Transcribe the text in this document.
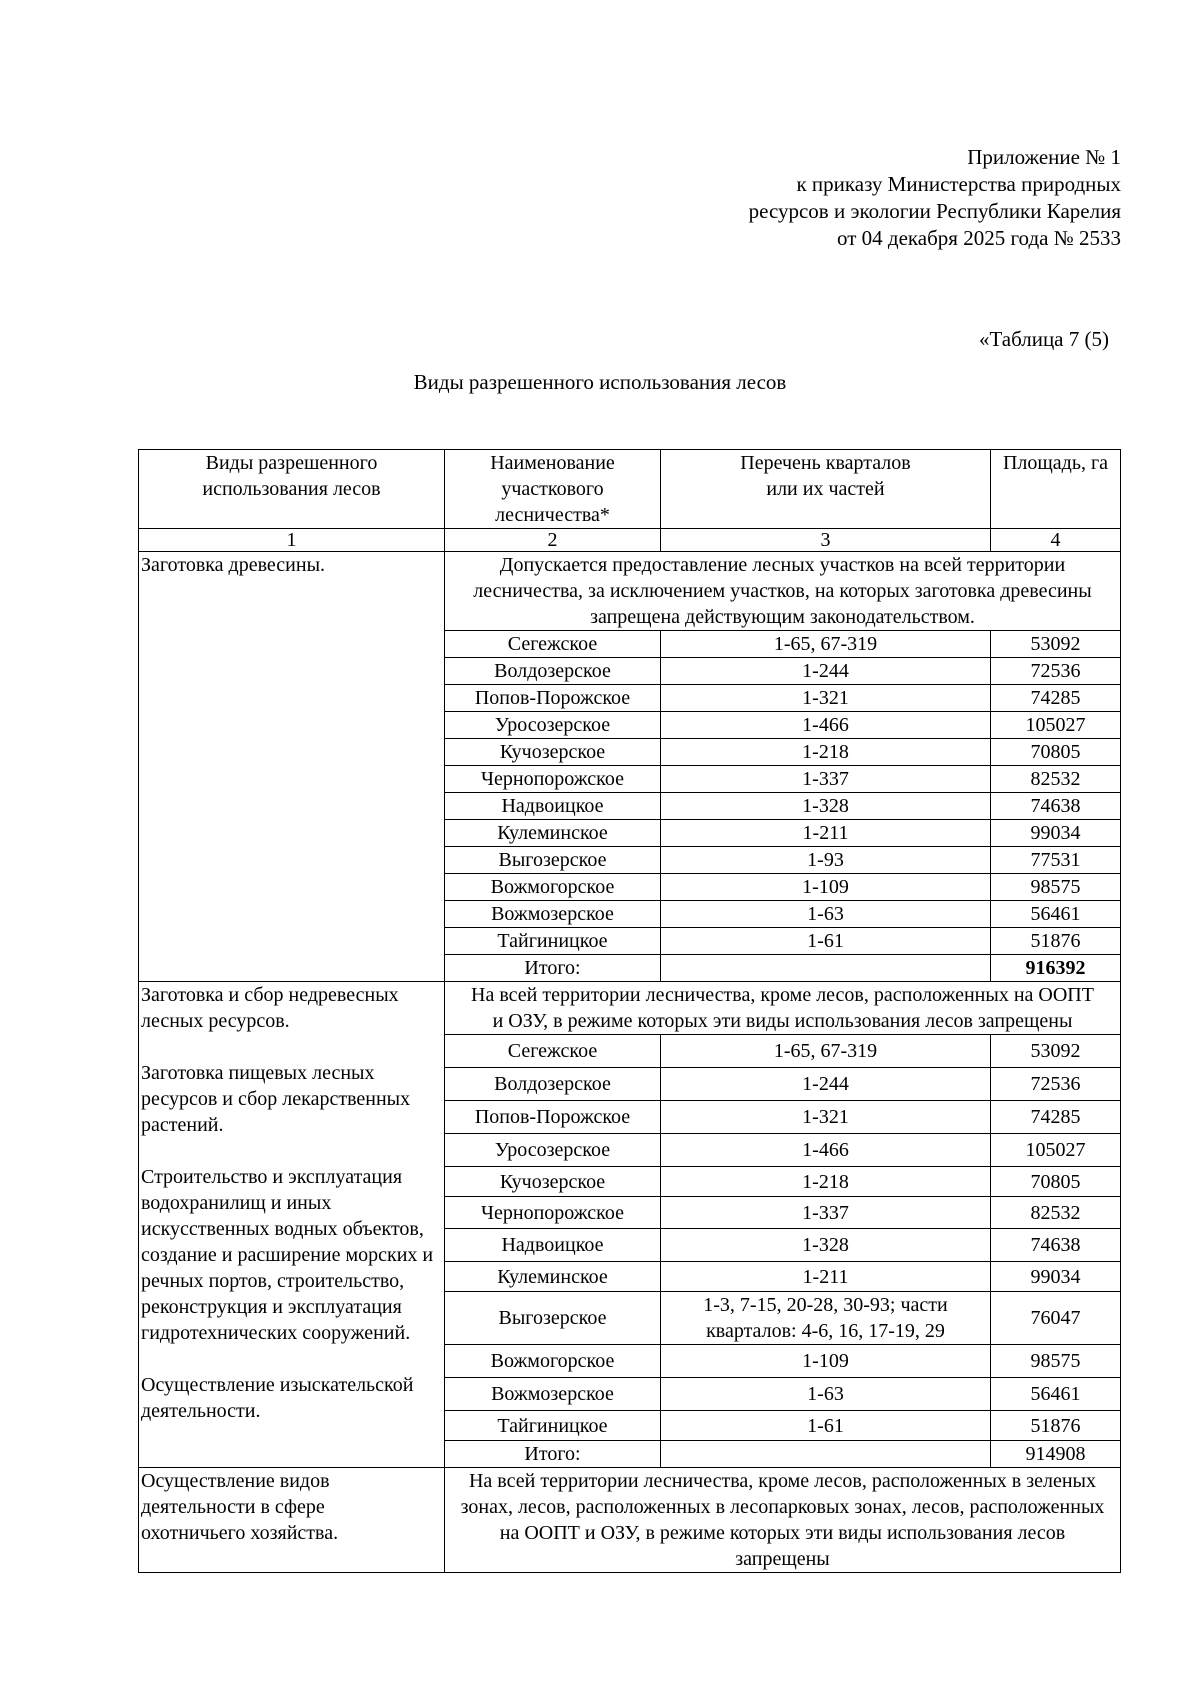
Приложение № 1
к приказу Министерства природных
ресурсов и экологии Республики Карелия
от 04 декабря 2025 года № 2533
«Таблица 7 (5)
Виды разрешенного использования лесов
Виды разрешенного использования лесов	Наименование участкового лесничества*	Перечень кварталов или их частей	Площадь, га
1	2	3	4

Заготовка древесины.	Допускается предоставление лесных участков на всей территории лесничества, за исключением участков, на которых заготовка древесины запрещена действующим законодательством.		
	Сегежское	1-65, 67-319	53092
	Волдозерское	1-244	72536
	Попов-Порожское	1-321	74285
	Уросозерское	1-466	105027
	Кучозерское	1-218	70805
	Чернопорожское	1-337	82532
	Надвоицкое	1-328	74638
	Кулеминское	1-211	99034
	Выгозерское	1-93	77531
	Вожмогорское	1-109	98575
	Вожмозерское	1-63	56461
	Тайгиницкое	1-61	51876
	Итого:		916392

Заготовка и сбор недревесных лесных ресурсов.

Заготовка пищевых лесных ресурсов и сбор лекарственных растений.

Строительство и эксплуатация водохранилищ и иных искусственных водных объектов, создание и расширение морских и речных портов, строительство, реконструкция и эксплуатация гидротехнических сооружений.

Осуществление изыскательской деятельности.	На всей территории лесничества, кроме лесов, расположенных на ООПТ и ОЗУ, в режиме которых эти виды использования лесов запрещены		
	Сегежское	1-65, 67-319	53092
	Волдозерское	1-244	72536
	Попов-Порожское	1-321	74285
	Уросозерское	1-466	105027
	Кучозерское	1-218	70805
	Чернопорожское	1-337	82532
	Надвоицкое	1-328	74638
	Кулеминское	1-211	99034
	Выгозерское	1-3, 7-15, 20-28, 30-93; части кварталов: 4-6, 16, 17-19, 29	76047
	Вожмогорское	1-109	98575
	Вожмозерское	1-63	56461
	Тайгиницкое	1-61	51876
	Итого:		914908
Осуществление видов деятельности в сфере охотничьего хозяйства.	На всей территории лесничества, кроме лесов, расположенных в зеленых зонах, лесов, расположенных в лесопарковых зонах, лесов, расположенных на ООПТ и ОЗУ, в режиме которых эти виды использования лесов запрещены		
